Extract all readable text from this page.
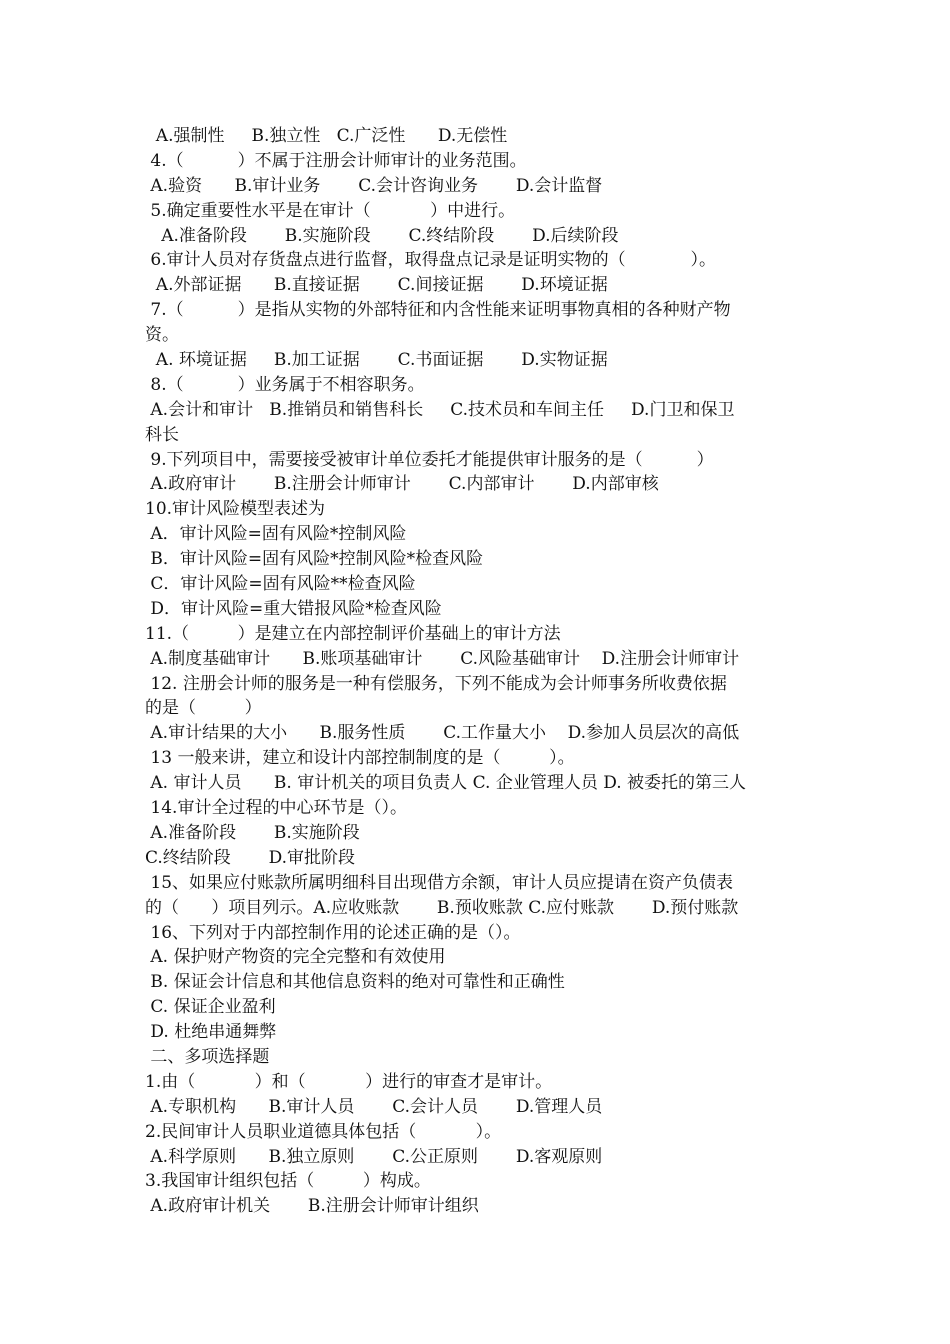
A.强制性     B.独立性   C.广泛性      D.无偿性
4.（          ）不属于注册会计师审计的业务范围。
A.验资      B.审计业务       C.会计咨询业务       D.会计监督
5.确定重要性水平是在审计（           ）中进行。
A.准备阶段       B.实施阶段       C.终结阶段       D.后续阶段
6.审计人员对存货盘点进行监督，取得盘点记录是证明实物的（            ）。
A.外部证据      B.直接证据       C.间接证据       D.环境证据
7.（          ）是指从实物的外部特征和内含性能来证明事物真相的各种财产物
资。
A. 环境证据     B.加工证据       C.书面证据       D.实物证据
8.（          ）业务属于不相容职务。
A.会计和审计   B.推销员和销售科长     C.技术员和车间主任     D.门卫和保卫
科长
9.下列项目中，需要接受被审计单位委托才能提供审计服务的是（          ）
A.政府审计       B.注册会计师审计       C.内部审计       D.内部审核
10.审计风险模型表述为
A．审计风险=固有风险*控制风险
B．审计风险=固有风险*控制风险*检查风险
C．审计风险=固有风险**检查风险
D．审计风险=重大错报风险*检查风险
11.（         ）是建立在内部控制评价基础上的审计方法
A.制度基础审计      B.账项基础审计       C.风险基础审计    D.注册会计师审计
12. 注册会计师的服务是一种有偿服务，下列不能成为会计师事务所收费依据
的是（         ）
A.审计结果的大小      B.服务性质       C.工作量大小    D.参加人员层次的高低
13 一般来讲，建立和设计内部控制制度的是（         ）。
A. 审计人员      B. 审计机关的项目负责人 C. 企业管理人员 D. 被委托的第三人
14.审计全过程的中心环节是（）。
A.准备阶段       B.实施阶段
C.终结阶段       D.审批阶段
15、如果应付账款所属明细科目出现借方余额，审计人员应提请在资产负债表
的（      ）项目列示。A.应收账款       B.预收账款 C.应付账款       D.预付账款
16、下列对于内部控制作用的论述正确的是（）。
A. 保护财产物资的完全完整和有效使用
B. 保证会计信息和其他信息资料的绝对可靠性和正确性
C. 保证企业盈利
D. 杜绝串通舞弊
二、多项选择题
1.由（           ）和（           ）进行的审查才是审计。
A.专职机构      B.审计人员       C.会计人员       D.管理人员
2.民间审计人员职业道德具体包括（           ）。
A.科学原则      B.独立原则       C.公正原则       D.客观原则
3.我国审计组织包括（         ）构成。
A.政府审计机关       B.注册会计师审计组织
